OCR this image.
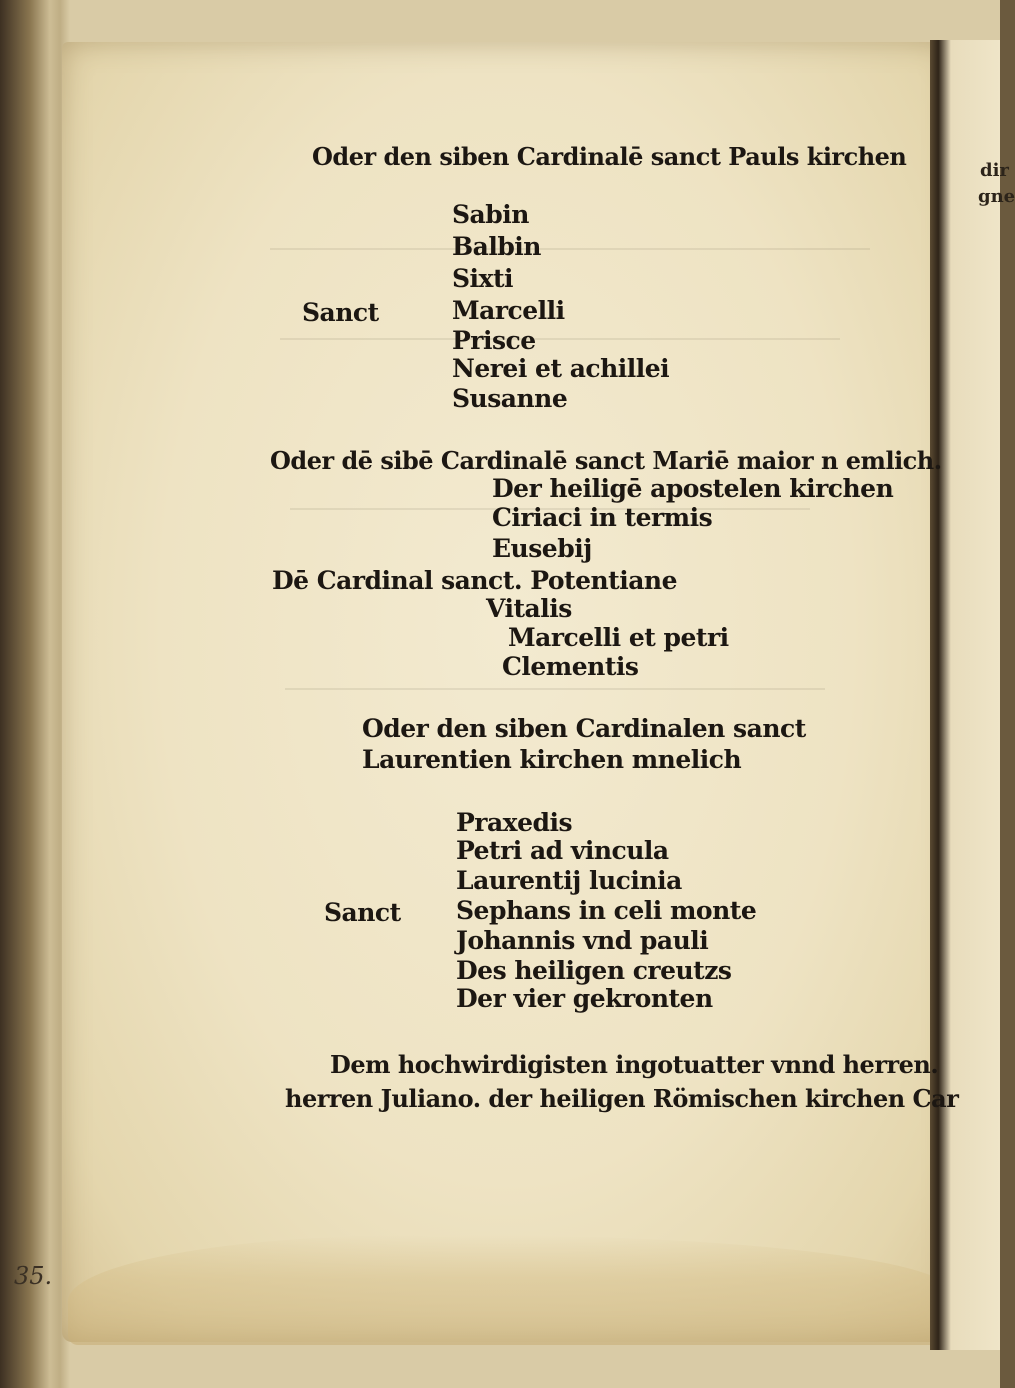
Oder den siben Cardinalē sanct Pauls kirchen
Sabin
Balbin
Sixti
Sanct	Marcelli
Prisce
Nerei et achillei
Susanne
Oder dē sibē Cardinalē sanct Mariē maior n emlich.
Der heiligē apostelen kirchen
Ciriaci in termis
Eusebij
Dē Cardinal sanct. Potentiane
Vitalis
Marcelli et petri
Clementis
Oder den siben Cardinalen sanct
Laurentien kirchen mnelich
Praxedis
Petri ad vincula
Laurentij lucinia
Sanct Sephans in celi monte
Johannis vnd pauli
Des heiligen creutzs
Der vier gekronten
Dem hochwirdigisten ingotuatter vnnd herren.
herren Juliano. der heiligen Römischen kirchen Car
35.
dir
gne
